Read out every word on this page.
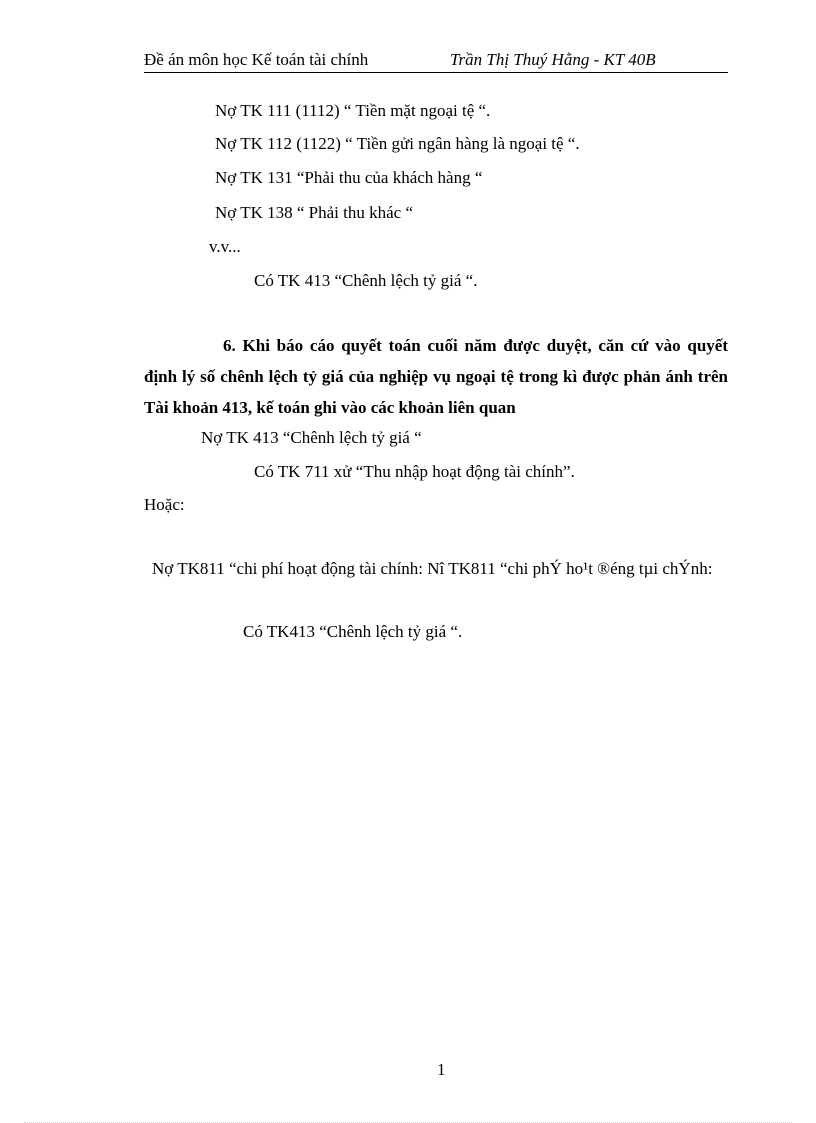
Đề án môn học Kế toán tài chính	Trần Thị Thuý Hằng - KT 40B
Nợ TK 111 (1112) “ Tiền mặt ngoại tệ “.
Nợ TK 112 (1122) “ Tiền gửi ngân hàng là ngoại tệ “.
Nợ TK 131 “Phải thu của khách hàng “
Nợ TK 138 “ Phải thu khác “
v.v...
Có TK 413 “Chênh lệch tỷ giá “.
6. Khi báo cáo quyết toán cuối năm được duyệt, căn cứ vào quyết định lý số chênh lệch tỷ giá của nghiệp vụ ngoại tệ trong kì được phản ánh trên Tài khoản 413, kế toán ghi vào các khoản liên quan
Nợ TK 413 “Chênh lệch tỷ giá “
Có TK 711 xử “Thu nhập hoạt động tài chính”.
Hoặc:
Nợ TK811 “chi phí hoạt động tài chính: Nî TK811 “chi phÝ ho¹t ®éng tµi chÝnh:
Có TK413 “Chênh lệch tỷ giá “.
1
